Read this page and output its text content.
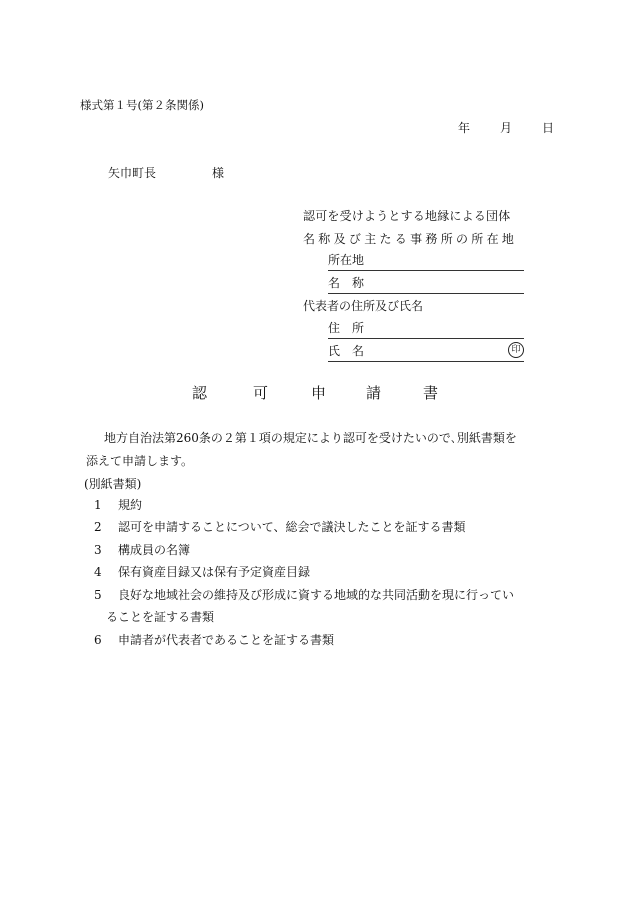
様式第１号(第２条関係)
年 月 日
矢巾町長	様
認可を受けようとする地縁による団体
名称及び主たる事務所の所在地
所在地
名　称
代表者の住所及び氏名
住　所
氏　名	印
認	可	申	請	書
地方自治法第260条の２第１項の規定により認可を受けたいので､別紙書類を
添えて申請します。
(別紙書類)
1 規約
2 認可を申請することについて、総会で議決したことを証する書類
3 構成員の名簿
4 保有資産目録又は保有予定資産目録
5 良好な地域社会の維持及び形成に資する地域的な共同活動を現に行ってい
ることを証する書類
6 申請者が代表者であることを証する書類
